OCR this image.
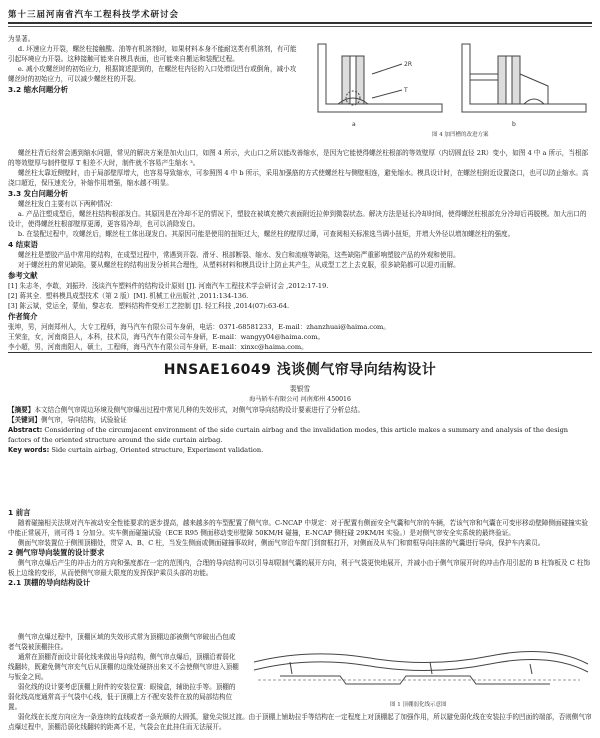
第十三届河南省汽车工程科技学术研讨会

为显著。

d. 坏速应力开裂，螺丝柱接触酸、油等有机溶剂时，如果材料本身不能耐这类有机溶剂，有可能引起环境应力开裂。这种接触可能来自模具表面，也可能来自搬运和装配过程。

e. 减小攻螺丝时的初始应力，根据简述提到的，在螺丝柱内径的入口处增设凹台或倒角，减小攻螺丝时的初始应力，可以减少螺丝柱的开裂。

3.2 缩水问题分析
2R
T
a	b
图 4 加凹槽的改进方案

螺丝柱背后经常会遇到缩水问题，常见的解决方案是加火山口，如图 4 所示，火山口之所以能改善缩水，是因为它能使得螺丝柱根部的等效壁厚（内切圆直径 2R）变小，如图 4 中 a 所示，当根部的等效壁厚与制件壁厚 T 相差不大时，制件就不容易产生缩水 ³。

螺丝柱太靠近侧壁时，由于局部壁厚增大，也容易导致缩水，可参照图 4 中 b 所示，采用加强筋的方式使螺丝柱与侧壁相连，避免缩水。模具设计时，在螺丝柱附近设置浇口，也可以防止缩水。高浇口超近，保压速充分，补缩作用增强，缩水越不明显。

3.3 发白问题分析

螺丝柱发白主要有以下两种情况：

a. 产品注塑成型后，螺丝柱结构根部发白。其原因是在冷却不足的情况下，塑胶在被填充模穴表面附近拉伸到微裂状态。解决方法是延长冷却时间，使得螺丝柱根部充分冷却后再脱模。加大出口的设计，使得螺丝柱根部壁厚更薄，更容易冷却，也可以消除发白。

b. 在装配过程中，攻螺丝后，螺丝柱工体出现发白。其原因可能是使用的扭矩过大，螺丝柱的壁厚过薄，可查阅相关标准选当调小扭矩，并增大外径以增加螺丝柱的强度。

4 结束语

螺丝柱是塑胶产品中常用的结构，在成型过程中，常遇到开裂、滑牙、根部断裂、缩水、发白和流痕等缺陷，这些缺陷严重影响塑胶产品的外观和使用。

对于螺丝柱的常见缺陷，要从螺丝柱的结构出发分析其合理性，从塑料材料和模具设计上防止其产生，从成型工艺上去克服，很多缺陷都可以迎刃而解。

参考文献

[1] 朱志冬，李敢，刘振玲．浅谈汽车塑料件的结构设计原则 [J]. 河南汽车工程技术学会研讨会 ,2012:17-19.

[2] 蒋其全．塑料模具成型技术（第 2 版）[M]. 机械工业出版社 ,2011:134-136.

[3] 陈云斌，党运全，蒙仙，黎志农．塑料结构件变形工艺控制 [J]. 轻工科技 ,2014(07):63-64.

作者简介

张坤，男，河南郑州人，大专工程师，海马汽车有限公司车身研，电话：0371-68581233，E-mail：zhanzhuai@haima.com。

王荣奎，女，河南商县人，本科，技术员，海马汽车有限公司车身研，E-mail：wangyy04@haima.com。

李小超，男，河南南阳人，硕士，工程师，海马汽车有限公司车身研，E-mail：xinxc@haima.com。

HNSAE16049 浅谈侧气帘导向结构设计
裴银雪
海马轿车有限公司 河南郑州 450016

【摘要】本文结合侧气帘周边环境及侧气帘爆出过程中常见几种的失效形式，对侧气帘导向结构设计要素进行了分析总结。

【关键词】侧气帘，导向结构，试验验证

Abstract: Considering of the circumjacent environment of the side curtain airbag and the invalidation modes, this article makes a summary and analysis of the design factors of the oriented structure around the side curtain airbag.

Key words: Side curtain airbag, Oriented structure, Experiment validation.

1 前言

随着碰撞相关法规对汽车被动安全性能要求的逐步提高，越来越多的车型配置了侧气帘。C-NCAP 中规定：对于配置有侧面安全气囊和气帘的车辆，若该气帘和气囊在可变形移动壁障侧面碰撞实验中能正常展开，则可得 1 分加分。实车侧面碰撞试验（ECE R95 侧面移动变形壁障 50KM/H 碰撞，E-NCAP 侧柱碰 29KM/H 实验。）是对侧气帘安全实系统的最终验证。

侧面气帘装置位于侧围顶棚处，贯穿 A、B、C 柱，当发生侧面或侧面碰撞事故时，侧面气帘沿车窗门到窗框打开，对侧面及从车门和窗框导向挂落的气囊进行导向，保护车内乘员。

2 侧气帘导向装置的设计要求

侧气帘点爆后产生的冲击力的方向和强度都在一定的范围内，合理的导向结构可以引导却限制气囊的展开方向，利于气袋更快地展开，并减小由于侧气帘展开时的冲击作用引起的 B 柱饰板及 C 柱饰板上边缘的变形，从而使侧气帘最大限度的发挥保护乘员头部的功能。

2.1 顶棚的导向结构设计

侧气帘点爆过程中，顶棚区域的失效形式常为顶棚边部被侧气帘破出凸包或者气袋被顶棚挂住。

通常在顶棚背面设计弱化线来做出导向结构，侧气帘点爆后，顶棚沿着弱化线翻转，既避免侧气帘充气后从顶棚的边缘处硬挤出来又不会使侧气帘进入顶棚与钣金之间。

弱化线的设计要考虑顶棚上附件的安装位置：眼镜盒，辅助拉手等。顶棚的弱化线高度通常高于气袋中心线，低于顶棚上方不配安装件在放的局部结构位置。	图 1 顶棚弱化线示意图

弱化线在长度方向应为一条连续的直线或者一条光顺的大圆弧，避免尖锐过渡。由于顶棚上铺助拉手等结构在一定程度上对顶棚起了加强作用，所以避免弱化线在安装拉手的凹面的端部，否则侧气帘点爆过程中，顶棚沿弱化线翻转的距离不足，气袋会在此挂住而无法展开。
